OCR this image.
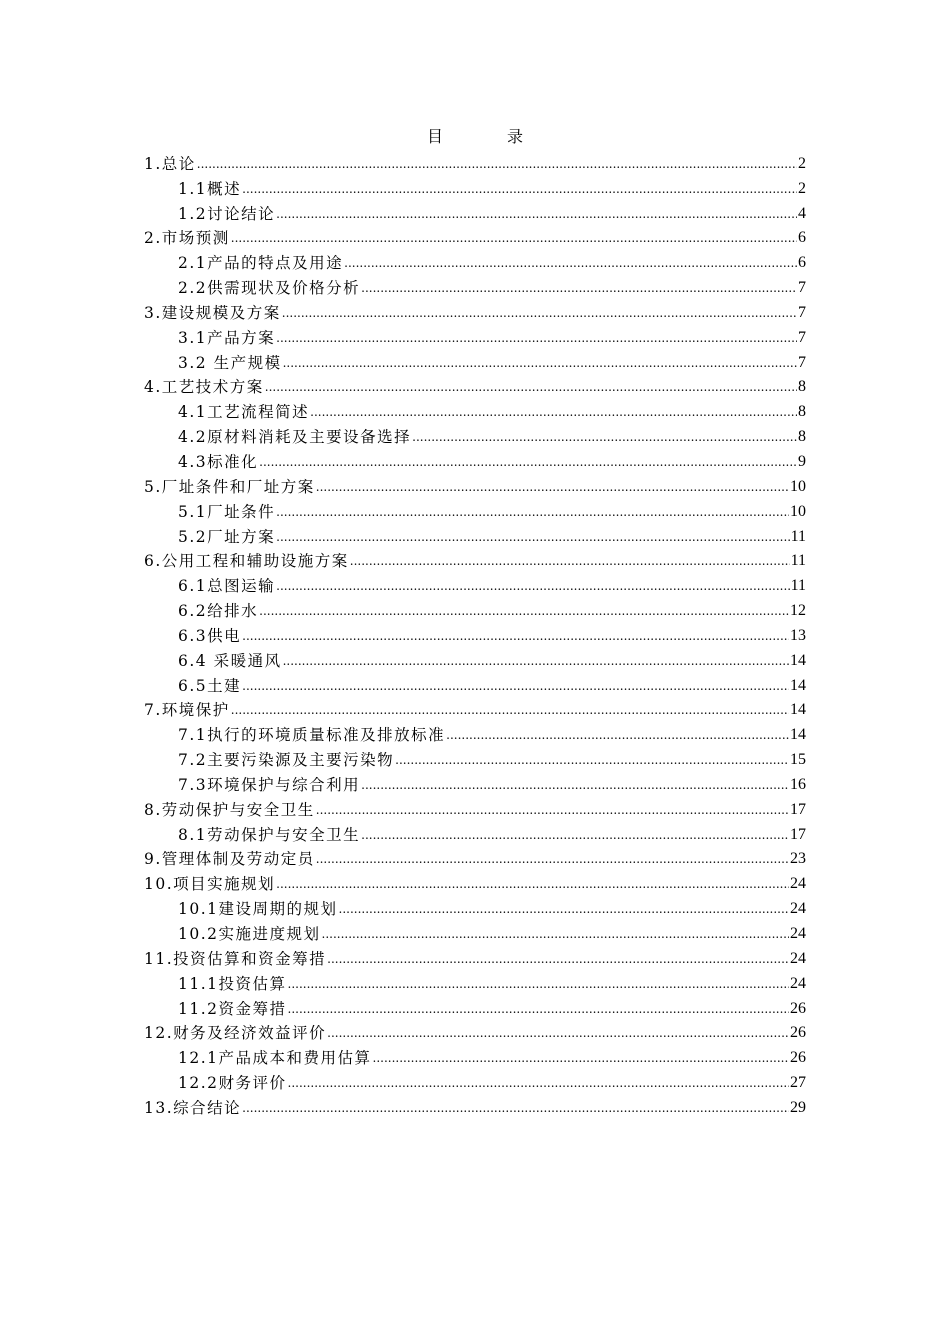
目录
1.总论 .....	2
1.1概述 .....	2
1.2讨论结论 .....	4
2.市场预测 .....	6
2.1产品的特点及用途 .....	6
2.2供需现状及价格分析 .....	7
3.建设规模及方案 .....	7
3.1产品方案 .....	7
3.2 生产规模 .....	7
4.工艺技术方案 .....	8
4.1工艺流程简述 .....	8
4.2原材料消耗及主要设备选择 .....	8
4.3标准化 .....	9
5.厂址条件和厂址方案 .....	10
5.1厂址条件 .....	10
5.2厂址方案 .....	11
6.公用工程和辅助设施方案 .....	11
6.1总图运输 .....	11
6.2给排水 .....	12
6.3供电 .....	13
6.4 采暖通风 .....	14
6.5土建 .....	14
7.环境保护 .....	14
7.1执行的环境质量标准及排放标准 .....	14
7.2主要污染源及主要污染物 .....	15
7.3环境保护与综合利用 .....	16
8.劳动保护与安全卫生 .....	17
8.1劳动保护与安全卫生 .....	17
9.管理体制及劳动定员 .....	23
10.项目实施规划 .....	24
10.1建设周期的规划 .....	24
10.2实施进度规划 .....	24
11.投资估算和资金筹措 .....	24
11.1投资估算 .....	24
11.2资金筹措 .....	26
12.财务及经济效益评价 .....	26
12.1产品成本和费用估算 .....	26
12.2财务评价 .....	27
13.综合结论 .....	29
